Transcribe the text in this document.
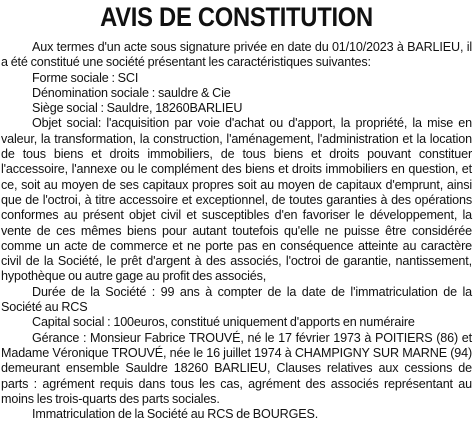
AVIS DE CONSTITUTION

Aux termes d'un acte sous signature privée en date du 01/10/2023 à BARLIEU, il a été constitué une société présentant les caractéristiques suivantes:

Forme sociale : SCI

Dénomination sociale : sauldre & Cie

Siège social : Sauldre, 18260BARLIEU

Objet social: l'acquisition par voie d'achat ou d'apport, la propriété, la mise en valeur, la transformation, la construction, l'aménagement, l'administration et la location de tous biens et droits immobiliers, de tous biens et droits pouvant constituer l'accessoire, l'annexe ou le complément des biens et droits immobiliers en question, et ce, soit au moyen de ses capitaux propres soit au moyen de capitaux d'emprunt, ainsi que de l'octroi, à titre accessoire et exceptionnel, de toutes garanties à des opérations conformes au présent objet civil et susceptibles d'en favoriser le développement, la vente de ces mêmes biens pour autant toutefois qu'elle ne puisse être considérée comme un acte de commerce et ne porte pas en conséquence atteinte au caractère civil de la Société, le prêt d'argent à des associés, l'octroi de garantie, nantissement, hypothèque ou autre gage au profit des associés,

Durée de la Société : 99 ans à compter de la date de l'immatriculation de la Société au RCS

Capital social : 100euros, constitué uniquement d'apports en numéraire

Gérance : Monsieur Fabrice TROUVÉ, né le 17 février 1973 à POITIERS (86) et Madame Véronique TROUVÉ, née le 16 juillet 1974 à CHAMPIGNY SUR MARNE (94) demeurant ensemble Sauldre 18260 BARLIEU, Clauses relatives aux cessions de parts : agrément requis dans tous les cas, agrément des associés représentant au moins les trois-quarts des parts sociales.

Immatriculation de la Société au RCS de BOURGES.
